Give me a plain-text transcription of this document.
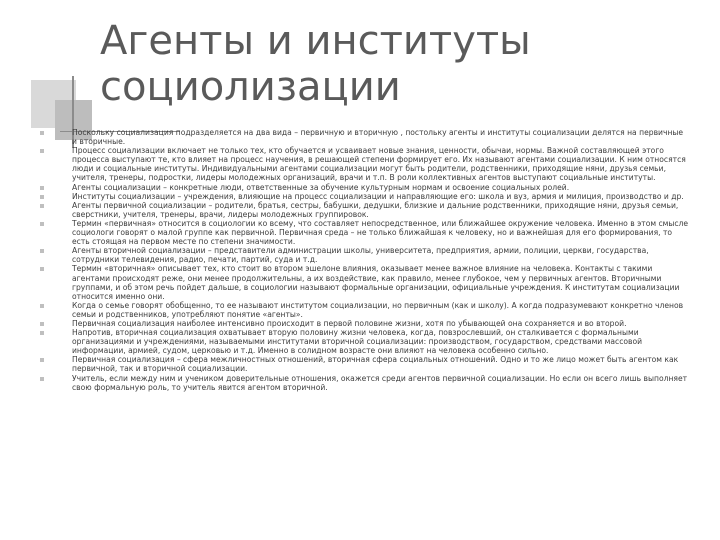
Агенты и институты социолизации
Поскольку социализация подразделяется на два вида – первичную и вторичную , постольку агенты и институты социализации делятся на первичные и вторичные.
Процесс социализации включает не только тех, кто обучается и усваивает новые знания, ценности, обычаи, нормы. Важной составляющей этого процесса выступают те, кто влияет на процесс научения, в решающей степени формирует его. Их называют агентами социализации. К ним относятся люди и социальные институты. Индивидуальными агентами социализации могут быть родители, родственники, приходящие няни, друзья семьи, учителя, тренеры, подростки, лидеры молодежных организаций, врачи и т.п. В роли коллективных агентов выступают социальные институты.
Агенты социализации – конкретные люди, ответственные за обучение культурным нормам и освоение социальных ролей.
Институты социализации – учреждения, влияющие на процесс социализации и направляющие его: школа и вуз, армия и милиция, производство и др.
Агенты первичной социализации – родители, братья, сестры, бабушки, дедушки, близкие и дальние родственники, приходящие няни, друзья семьи, сверстники, учителя, тренеры, врачи, лидеры молодежных группировок.
Термин «первичная» относится в социологии ко всему, что составляет непосредственное, или ближайшее окружение человека. Именно в этом смысле социологи говорят о малой группе как первичной. Первичная среда – не только ближайшая к человеку, но и важнейшая для его формирования, то есть стоящая на первом месте по степени значимости.
Агенты вторичной социализации – представители администрации школы, университета, предприятия, армии, полиции, церкви, государства, сотрудники телевидения, радио, печати, партий, суда и т.д.
Термин «вторичная» описывает тех, кто стоит во втором эшелоне влияния, оказывает менее важное влияние на человека. Контакты с такими агентами происходят реже, они менее продолжительны, а их воздействие, как правило, менее глубокое, чем у первичных агентов. Вторичными группами, и об этом речь пойдет дальше, в социологии называют формальные организации, официальные учреждения. К институтам социализации относится именно они.
Когда о семье говорят обобщенно, то ее называют институтом социализации, но первичным (как и школу). А когда подразумевают конкретно членов семьи и родственников, употребляют понятие «агенты».
Первичная социализация наиболее интенсивно происходит в первой половине жизни, хотя по убывающей она сохраняется и во второй.
Напротив, вторичная социализация охватывает вторую половину жизни человека, когда, повзрослевший, он сталкивается с формальными организациями и учреждениями, называемыми институтами вторичной социализации: производством, государством, средствами массовой информации, армией, судом, церковью и т.д. Именно в солидном возрасте они влияют на человека особенно сильно.
Первичная социализация – сфера межличностных отношений, вторичная сфера социальных отношений. Одно и то же лицо может быть агентом как первичной, так и вторичной социализации.
Учитель, если между ним и учеником доверительные отношения, окажется среди агентов первичной социализации. Но если он всего лишь выполняет свою формальную роль, то учитель явится агентом вторичной.
